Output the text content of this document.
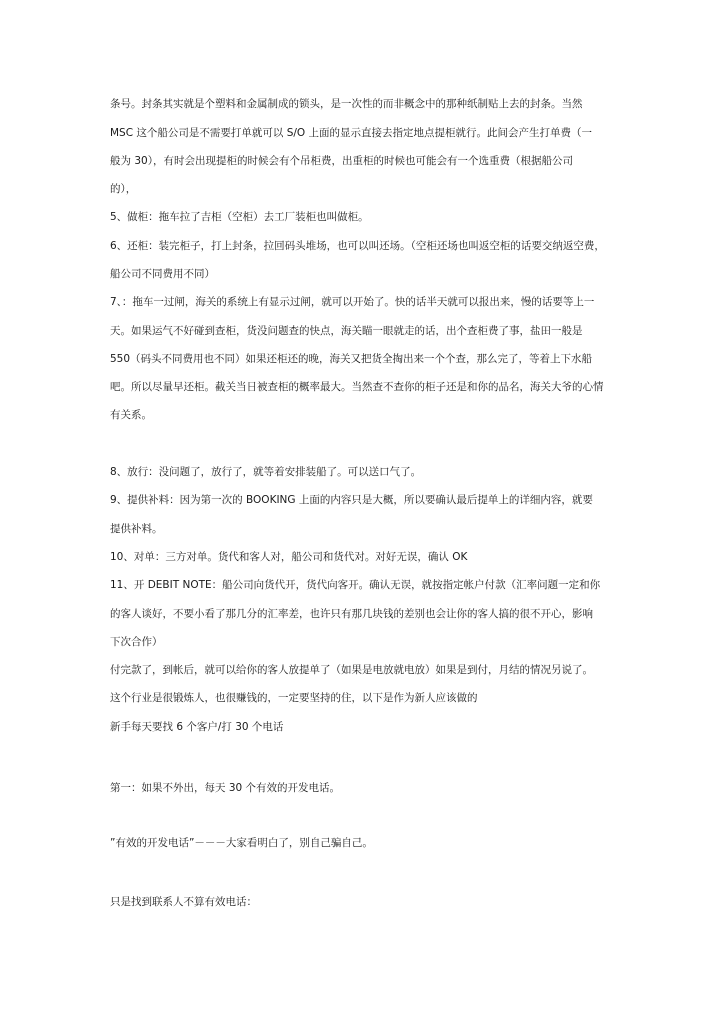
条号。封条其实就是个塑料和金属制成的锁头，是一次性的而非概念中的那种纸制贴上去的封条。当然
MSC 这个船公司是不需要打单就可以 S/O 上面的显示直接去指定地点提柜就行。此间会产生打单费（一
般为 30），有时会出现提柜的时候会有个吊柜费，出重柜的时候也可能会有一个选重费（根据船公司
的），
5、做柜：拖车拉了吉柜（空柜）去工厂装柜也叫做柜。
6、还柜：装完柜子，打上封条，拉回码头堆场，也可以叫还场。（空柜还场也叫返空柜的话要交纳返空费，
船公司不同费用不同）
7、：拖车一过闸，海关的系统上有显示过闸，就可以开始了。快的话半天就可以报出来，慢的话要等上一
天。如果运气不好碰到查柜，货没问题查的快点，海关瞄一眼就走的话，出个查柜费了事，盐田一般是
550（码头不同费用也不同）如果还柜还的晚，海关又把货全掏出来一个个查，那么完了，等着上下水船
吧。所以尽量早还柜。截关当日被查柜的概率最大。当然查不查你的柜子还是和你的品名，海关大爷的心情
有关系。
8、放行：没问题了，放行了，就等着安排装船了。可以送口气了。
9、提供补料：因为第一次的 BOOKING 上面的内容只是大概，所以要确认最后提单上的详细内容，就要
提供补料。
10、对单：三方对单。货代和客人对，船公司和货代对。对好无误，确认 OK
11、开 DEBIT NOTE：船公司向货代开，货代向客开。确认无误，就按指定帐户付款（汇率问题一定和你
的客人谈好，不要小看了那几分的汇率差，也许只有那几块钱的差别也会让你的客人搞的很不开心，影响
下次合作）
付完款了，到帐后，就可以给你的客人放提单了（如果是电放就电放）如果是到付，月结的情况另说了。
这个行业是很锻炼人，也很赚钱的，一定要坚持的住，以下是作为新人应该做的
新手每天要找 6 个客户/打 30 个电话
第一：如果不外出，每天 30 个有效的开发电话。
”有效的开发电话”－－－大家看明白了，别自己骗自己。
只是找到联系人不算有效电话：
